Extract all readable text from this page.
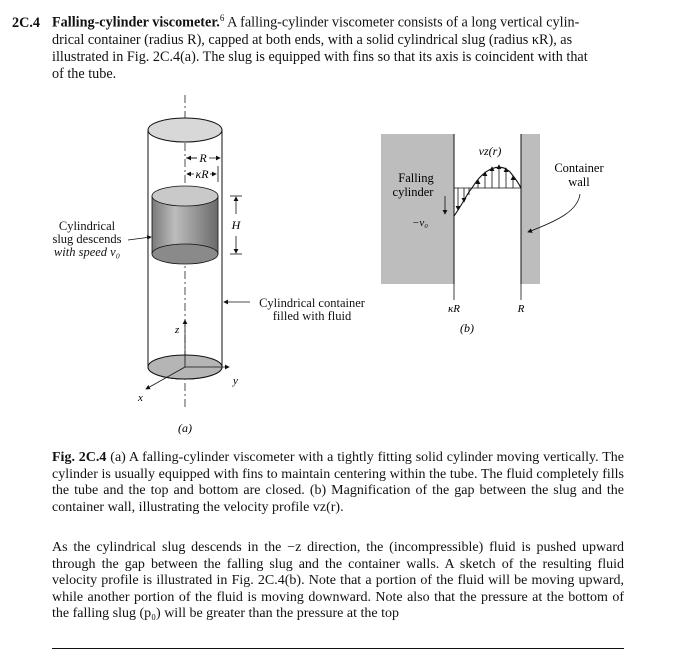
2C.4 Falling-cylinder viscometer.$^6$ A falling-cylinder viscometer consists of a long vertical cylin-
drical container (radius R), capped at both ends, with a solid cylindrical slug (radius κR), as
illustrated in Fig. 2C.4(a). The slug is equipped with fins so that its axis is coincident with that
of the tube.
R
κR
H
z
y
x
(a)
vz(r)
Falling
cylinder
−v₀
Container
wall
κR	R
(b)
Cylindrical
slug descends
with speed v₀
Cylindrical container
filled with fluid
Fig. 2C.4 (a) A falling-cylinder viscometer with a tightly fitting solid cylinder moving vertically. The cylinder is usually equipped with fins to maintain centering within the tube. The fluid completely fills the tube and the top and bottom are closed. (b) Magnification of the gap between the slug and the container wall, illustrating the velocity profile vz(r).
As the cylindrical slug descends in the −z direction, the (incompressible) fluid is pushed upward through the gap between the falling slug and the container walls. A sketch of the resulting fluid velocity profile is illustrated in Fig. 2C.4(b). Note that a portion of the fluid will be moving upward, while another portion of the fluid is moving downward. Note also that the pressure at the bottom of the falling slug (p₀) will be greater than the pressure at the top
